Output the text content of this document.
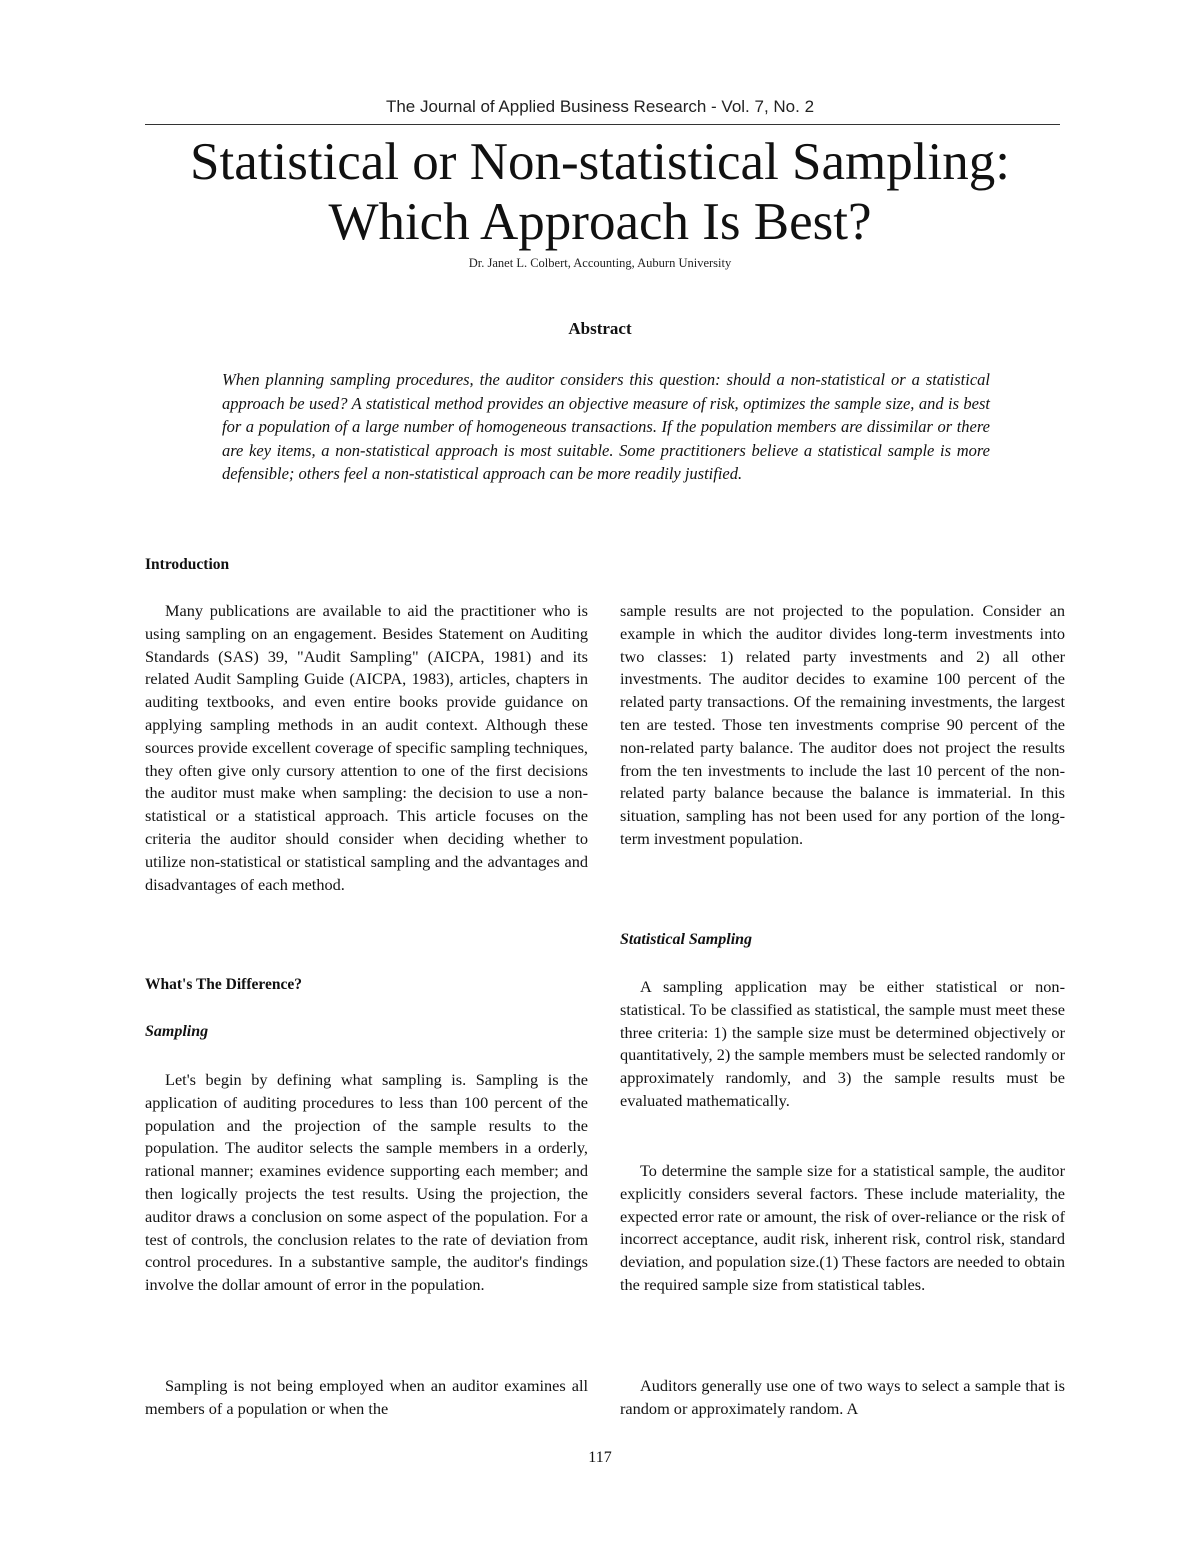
The Journal of Applied Business Research - Vol. 7, No. 2
Statistical or Non-statistical Sampling:
Which Approach Is Best?
Dr. Janet L. Colbert, Accounting, Auburn University
Abstract

When planning sampling procedures, the auditor considers this question: should a non-statistical or a statistical approach be used? A statistical method provides an objective measure of risk, optimizes the sample size, and is best for a population of a large number of homogeneous transactions. If the population members are dissimilar or there are key items, a non-statistical approach is most suitable. Some practitioners believe a statistical sample is more defensible; others feel a non-statistical approach can be more readily justified.

Introduction

Many publications are available to aid the practitioner who is using sampling on an engagement. Besides Statement on Auditing Standards (SAS) 39, "Audit Sampling" (AICPA, 1981) and its related Audit Sampling Guide (AICPA, 1983), articles, chapters in auditing textbooks, and even entire books provide guidance on applying sampling methods in an audit context. Although these sources provide excellent coverage of specific sampling techniques, they often give only cursory attention to one of the first decisions the auditor must make when sampling: the decision to use a non-statistical or a statistical approach. This article focuses on the criteria the auditor should consider when deciding whether to utilize non-statistical or statistical sampling and the advantages and disadvantages of each method.

What's The Difference?
Sampling

Let's begin by defining what sampling is. Sampling is the application of auditing procedures to less than 100 percent of the population and the projection of the sample results to the population. The auditor selects the sample members in a orderly, rational manner; examines evidence supporting each member; and then logically projects the test results. Using the projection, the auditor draws a conclusion on some aspect of the population. For a test of controls, the conclusion relates to the rate of deviation from control procedures. In a substantive sample, the auditor's findings involve the dollar amount of error in the population.

Sampling is not being employed when an auditor examines all members of a population or when the

sample results are not projected to the population. Consider an example in which the auditor divides long-term investments into two classes: 1) related party investments and 2) all other investments. The auditor decides to examine 100 percent of the related party transactions. Of the remaining investments, the largest ten are tested. Those ten investments comprise 90 percent of the non-related party balance. The auditor does not project the results from the ten investments to include the last 10 percent of the non-related party balance because the balance is immaterial. In this situation, sampling has not been used for any portion of the long-term investment population.

Statistical Sampling

A sampling application may be either statistical or non-statistical. To be classified as statistical, the sample must meet these three criteria: 1) the sample size must be determined objectively or quantitatively, 2) the sample members must be selected randomly or approximately randomly, and 3) the sample results must be evaluated mathematically.

To determine the sample size for a statistical sample, the auditor explicitly considers several factors. These include materiality, the expected error rate or amount, the risk of over-reliance or the risk of incorrect acceptance, audit risk, inherent risk, control risk, standard deviation, and population size.(1) These factors are needed to obtain the required sample size from statistical tables.

Auditors generally use one of two ways to select a sample that is random or approximately random. A

117
